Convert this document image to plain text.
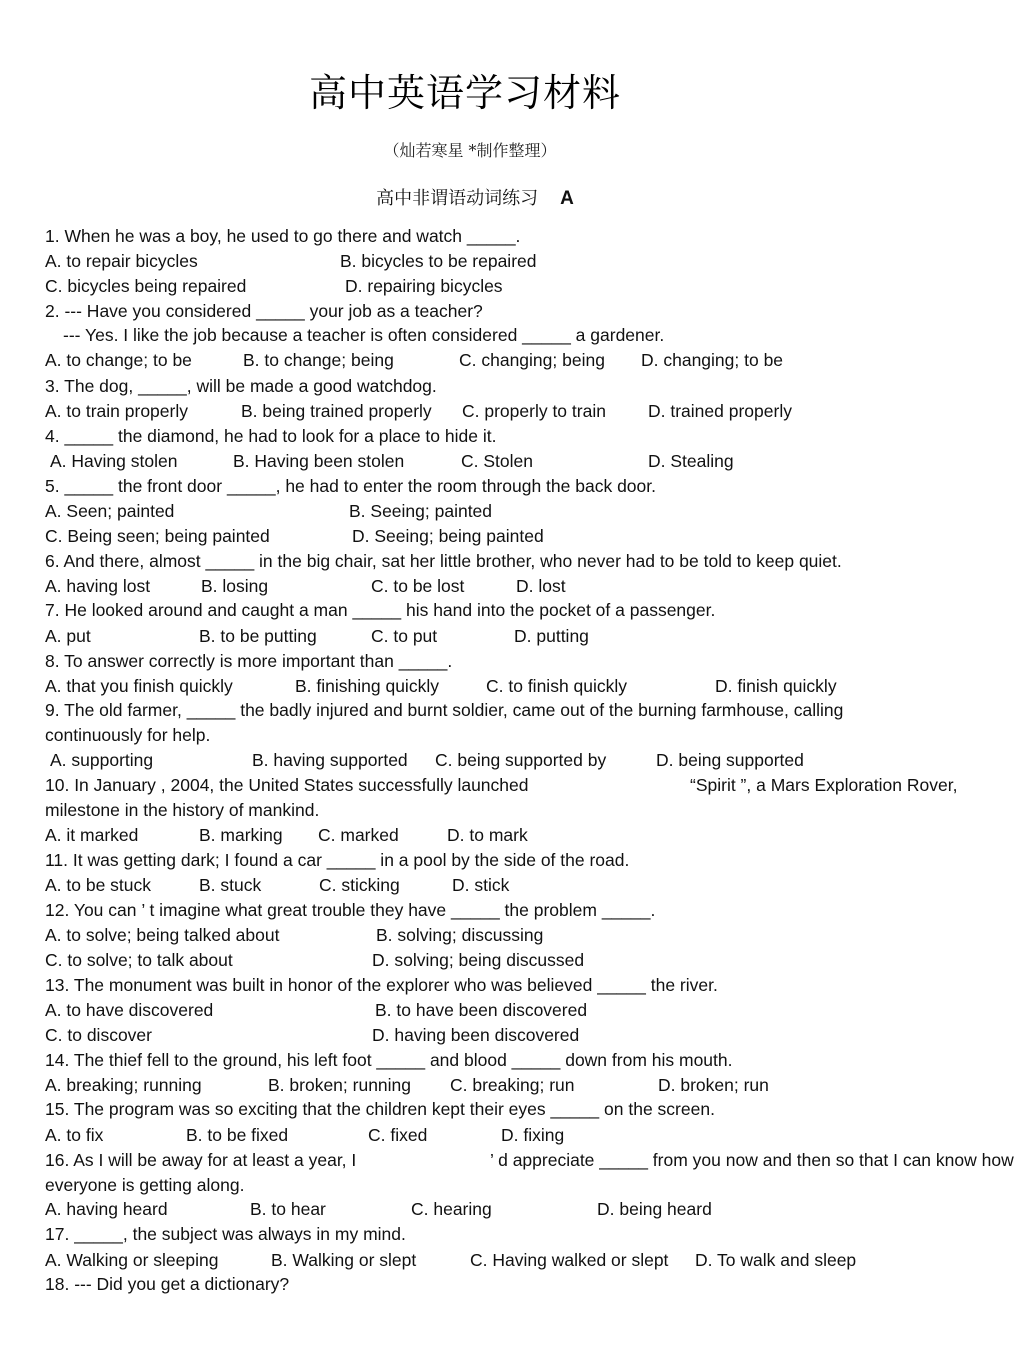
高中英语学习材料
（灿若寒星 *制作整理）
高中非谓语动词练习 A
1. When he was a boy, he used to go there and watch _____.
A. to repair bicycles	B. bicycles to be repaired
C. bicycles being repaired	D. repairing bicycles
2. --- Have you considered _____ your job as a teacher?
--- Yes. I like the job because a teacher is often considered _____ a gardener.
A. to change; to be	B. to change; being	C. changing; being D. changing; to be
3. The dog, _____, will be made a good watchdog.
A. to train properly	B. being trained properly C. properly to train D. trained properly
4. _____ the diamond, he had to look for a place to hide it.
A. Having stolen	B. Having been stolen	C. Stolen	D. Stealing
5. _____ the front door _____, he had to enter the room through the back door.
A. Seen; painted	B. Seeing; painted
C. Being seen; being painted	D. Seeing; being painted
6. And there, almost _____ in the big chair, sat her little brother, who never had to be told to keep quiet.
A. having lost	B. losing	C. to be lost	D. lost
7. He looked around and caught a man _____ his hand into the pocket of a passenger.
A. put	B. to be putting	C. to put	D. putting
8. To answer correctly is more important than _____.
A. that you finish quickly	B. finishing quickly	C. to finish quickly	D. finish quickly
9. The old farmer, _____ the badly injured and burnt soldier, came out of the burning farmhouse, calling
continuously for help.
A. supporting	B. having supported C. being supported by	D. being supported
10. In January , 2004, the United States successfully launched	“Spirit ”, a Mars Exploration Rover,
milestone in the history of mankind.
A. it marked	B. marking C. marked	D. to mark
11. It was getting dark; I found a car _____ in a pool by the side of the road.
A. to be stuck	B. stuck	C. sticking	D. stick
12. You can ’ t imagine what great trouble they have _____ the problem _____.
A. to solve; being talked about	B. solving; discussing
C. to solve; to talk about	D. solving; being discussed
13. The monument was built in honor of the explorer who was believed _____ the river.
A. to have discovered	B. to have been discovered
C. to discover	D. having been discovered
14. The thief fell to the ground, his left foot _____ and blood _____ down from his mouth.
A. breaking; running	B. broken; running C. breaking; run	D. broken; run
15. The program was so exciting that the children kept their eyes _____ on the screen.
A. to fix	B. to be fixed	C. fixed	D. fixing
16. As I will be away for at least a year, I	’ d appreciate _____ from you now and then so that I can know how
everyone is getting along.
A. having heard	B. to hear	C. hearing	D. being heard
17. _____, the subject was always in my mind.
A. Walking or sleeping	B. Walking or slept	C. Having walked or slept D. To walk and sleep
18. --- Did you get a dictionary?
